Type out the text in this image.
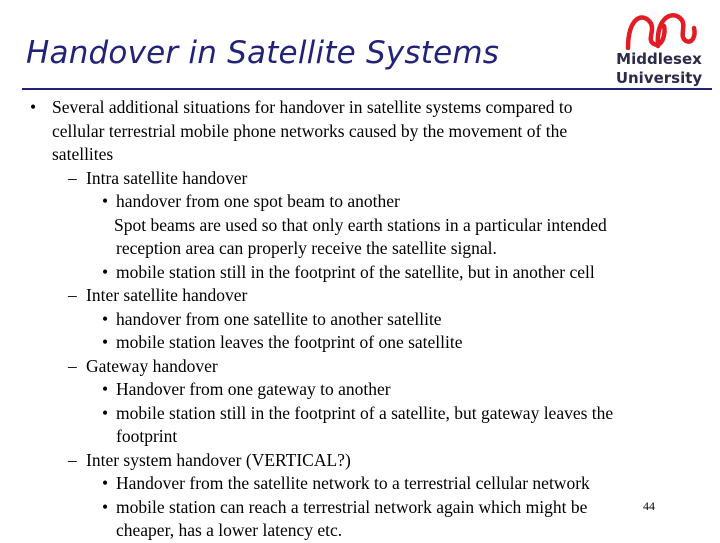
Handover in Satellite Systems	Middlesex
University
• Several additional situations for handover in satellite systems compared to
cellular terrestrial mobile phone networks caused by the movement of the
satellites
– Intra satellite handover
• handover from one spot beam to another
Spot beams are used so that only earth stations in a particular intended
reception area can properly receive the satellite signal.
• mobile station still in the footprint of the satellite, but in another cell
– Inter satellite handover
• handover from one satellite to another satellite
• mobile station leaves the footprint of one satellite
– Gateway handover
• Handover from one gateway to another
• mobile station still in the footprint of a satellite, but gateway leaves the
footprint
– Inter system handover (VERTICAL?)
• Handover from the satellite network to a terrestrial cellular network
• mobile station can reach a terrestrial network again which might be
cheaper, has a lower latency etc.
44
